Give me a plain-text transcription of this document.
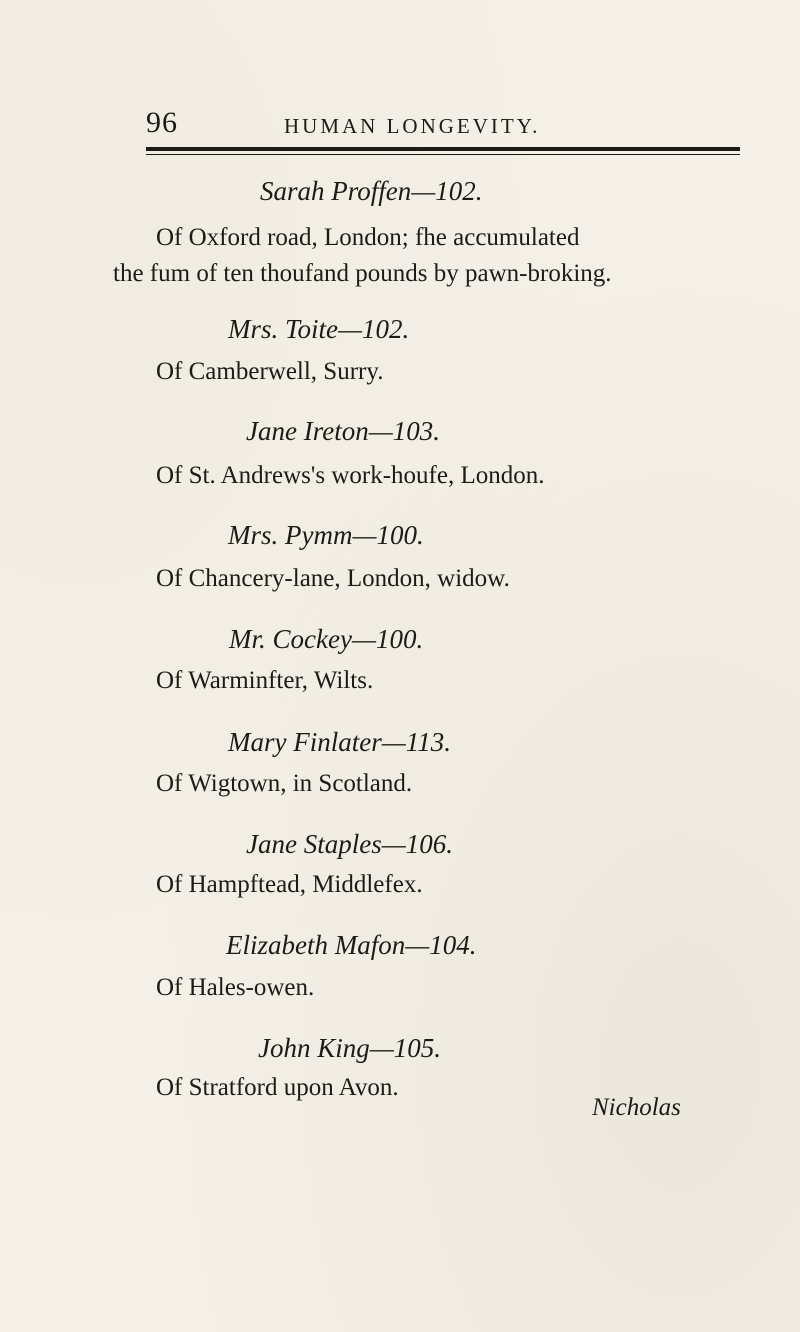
96	HUMAN LONGEVITY.
Sarah Proffen—102.
Of Oxford road, London; fhe accumulated
the fum of ten thoufand pounds by pawn-broking.
Mrs. Toite—102.
Of Camberwell, Surry.
Jane Ireton—103.
Of St. Andrews's work-houfe, London.
Mrs. Pymm—100.
Of Chancery-lane, London, widow.
Mr. Cockey—100.
Of Warminfter, Wilts.
Mary Finlater—113.
Of Wigtown, in Scotland.
Jane Staples—106.
Of Hampftead, Middlefex.
Elizabeth Mafon—104.
Of Hales-owen.
John King—105.
Of Stratford upon Avon.
Nicholas
